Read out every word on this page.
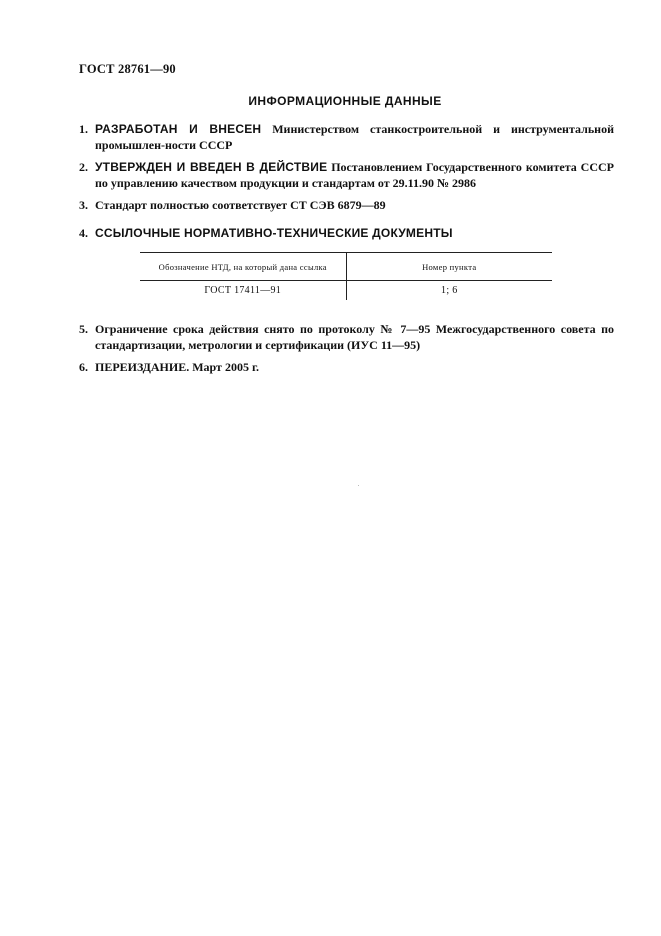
ГОСТ 28761—90
ИНФОРМАЦИОННЫЕ ДАННЫЕ
1. РАЗРАБОТАН И ВНЕСЕН Министерством станкостроительной и инструментальной промышлен-ности СССР
2. УТВЕРЖДЕН И ВВЕДЕН В ДЕЙСТВИЕ Постановлением Государственного комитета СССР по управлению качеством продукции и стандартам от 29.11.90 № 2986
3. Стандарт полностью соответствует СТ СЭВ 6879—89
4. ССЫЛОЧНЫЕ НОРМАТИВНО-ТЕХНИЧЕСКИЕ ДОКУМЕНТЫ
Обозначение НТД, на который дана ссылка	Номер пункта
ГОСТ 17411—91	1; 6
5. Ограничение срока действия снято по протоколу № 7—95 Межгосударственного совета по стандартизации, метрологии и сертификации (ИУС 11—95)
6. ПЕРЕИЗДАНИЕ. Март 2005 г.
